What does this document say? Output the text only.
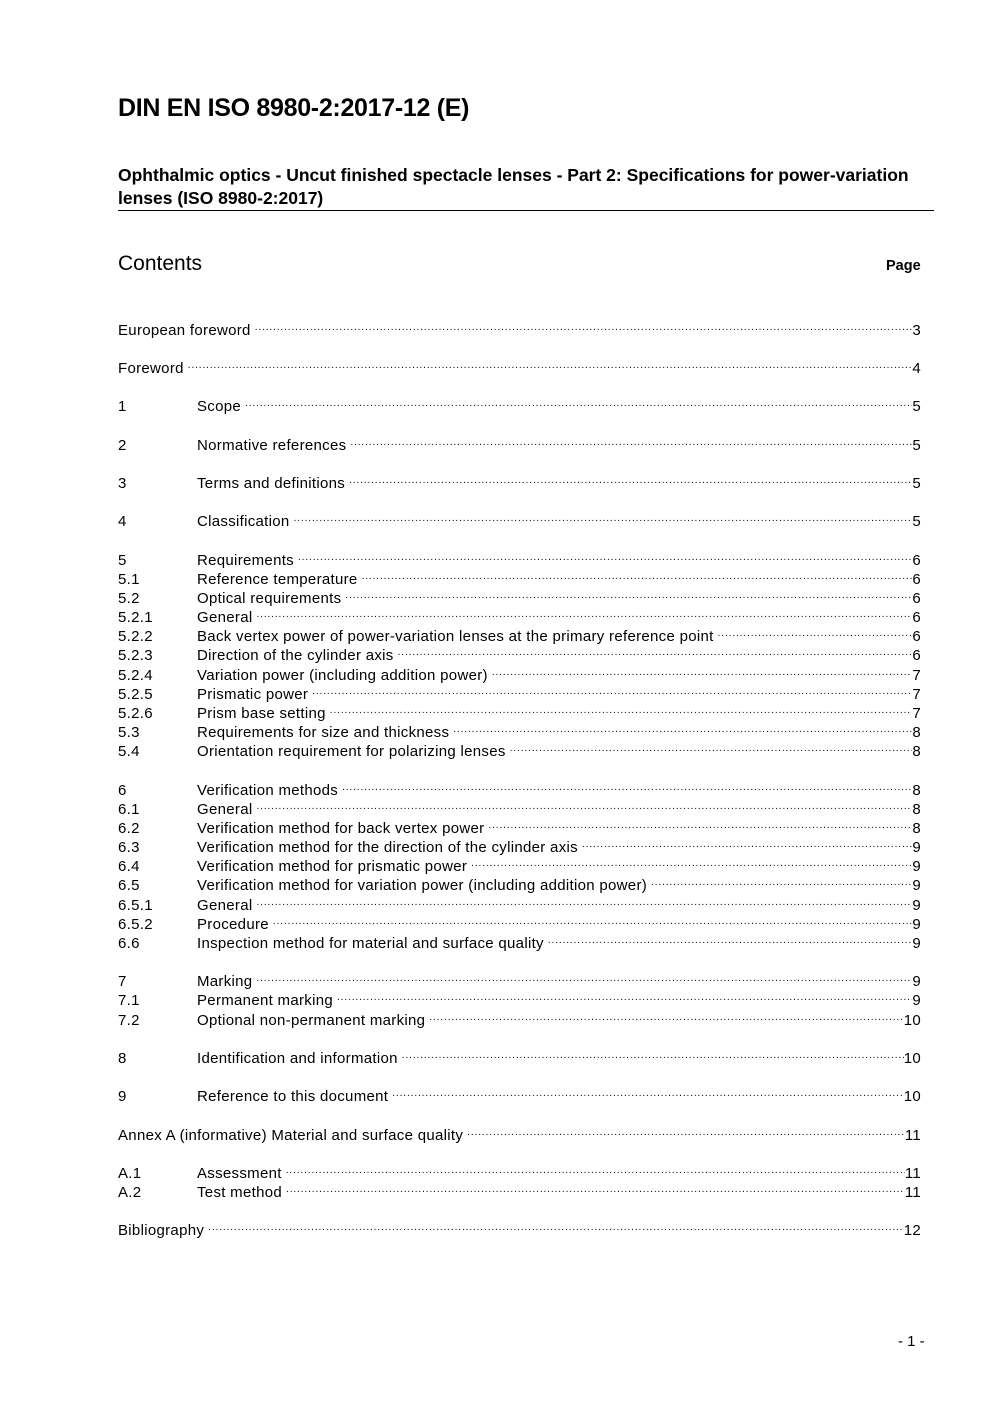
DIN EN ISO 8980-2:2017-12 (E)
Ophthalmic optics - Uncut finished spectacle lenses - Part 2: Specifications for power-variation lenses (ISO 8980-2:2017)
Contents	Page
European foreword .....	3
Foreword .....	4
1	Scope .....	5
2	Normative references .....	5
3	Terms and definitions .....	5
4	Classification .....	5
5	Requirements .....	6
5.1	Reference temperature .....	6
5.2	Optical requirements .....	6
5.2.1	General .....	6
5.2.2	Back vertex power of power-variation lenses at the primary reference point .....	6
5.2.3	Direction of the cylinder axis .....	6
5.2.4	Variation power (including addition power) .....	7
5.2.5	Prismatic power .....	7
5.2.6	Prism base setting .....	7
5.3	Requirements for size and thickness .....	8
5.4	Orientation requirement for polarizing lenses .....	8
6	Verification methods .....	8
6.1	General .....	8
6.2	Verification method for back vertex power .....	8
6.3	Verification method for the direction of the cylinder axis .....	9
6.4	Verification method for prismatic power .....	9
6.5	Verification method for variation power (including addition power) .....	9
6.5.1	General .....	9
6.5.2	Procedure .....	9
6.6	Inspection method for material and surface quality .....	9
7	Marking .....	9
7.1	Permanent marking .....	9
7.2	Optional non-permanent marking .....	10
8	Identification and information .....	10
9	Reference to this document .....	10
Annex A (informative) Material and surface quality .....	11
A.1	Assessment .....	11
A.2	Test method .....	11
Bibliography .....	12
- 1 -
